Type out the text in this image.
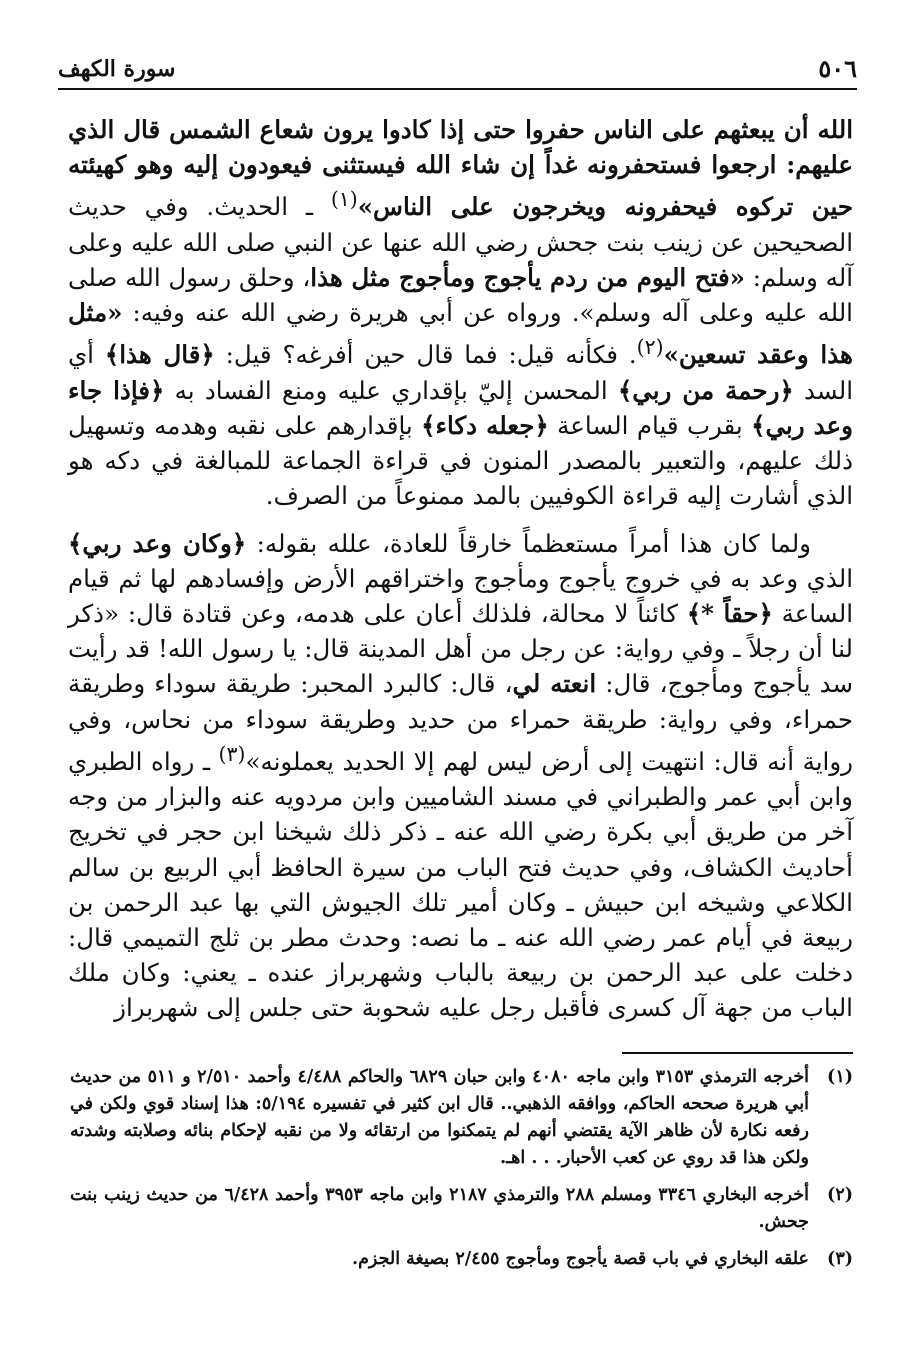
٥٠٦
سورة الكهف

الله أن يبعثهم على الناس حفروا حتى إذا كادوا يرون شعاع الشمس قال الذي عليهم: ارجعوا فستحفرونه غداً إن شاء الله فيستثنى فيعودون إليه وهو كهيئته حين تركوه فيحفرونه ويخرجون على الناس»$^{(١)}$ ـ الحديث. وفي حديث الصحيحين عن زينب بنت جحش رضي الله عنها عن النبي صلى الله عليه وعلى آله وسلم: «فتح اليوم من ردم يأجوج ومأجوج مثل هذا، وحلق رسول الله صلى الله عليه وعلى آله وسلم». ورواه عن أبي هريرة رضي الله عنه وفيه: «مثل هذا وعقد تسعين»$^{(٢)}$. فكأنه قيل: فما قال حين أفرغه؟ قيل: ﴿قال هذا﴾ أي السد ﴿رحمة من ربي﴾ المحسن إليّ بإقداري عليه ومنع الفساد به ﴿فإذا جاء وعد ربي﴾ بقرب قيام الساعة ﴿جعله دكاء﴾ بإقدارهم على نقبه وهدمه وتسهيل ذلك عليهم، والتعبير بالمصدر المنون في قراءة الجماعة للمبالغة في دكه هو الذي أشارت إليه قراءة الكوفيين بالمد ممنوعاً من الصرف.

ولما كان هذا أمراً مستعظماً خارقاً للعادة، علله بقوله: ﴿وكان وعد ربي﴾ الذي وعد به في خروج يأجوج ومأجوج واختراقهم الأرض وإفسادهم لها ثم قيام الساعة ﴿حقاً *﴾ كائناً لا محالة، فلذلك أعان على هدمه، وعن قتادة قال: «ذكر لنا أن رجلاً ـ وفي رواية: عن رجل من أهل المدينة قال: يا رسول الله! قد رأيت سد يأجوج ومأجوج، قال: انعته لي، قال: كالبرد المحبر: طريقة سوداء وطريقة حمراء، وفي رواية: طريقة حمراء من حديد وطريقة سوداء من نحاس، وفي رواية أنه قال: انتهيت إلى أرض ليس لهم إلا الحديد يعملونه»$^{(٣)}$ ـ رواه الطبري وابن أبي عمر والطبراني في مسند الشاميين وابن مردويه عنه والبزار من وجه آخر من طريق أبي بكرة رضي الله عنه ـ ذكر ذلك شيخنا ابن حجر في تخريج أحاديث الكشاف، وفي حديث فتح الباب من سيرة الحافظ أبي الربيع بن سالم الكلاعي وشيخه ابن حبيش ـ وكان أمير تلك الجيوش التي بها عبد الرحمن بن ربيعة في أيام عمر رضي الله عنه ـ ما نصه: وحدث مطر بن ثلج التميمي قال: دخلت على عبد الرحمن بن ربيعة بالباب وشهربراز عنده ـ يعني: وكان ملك الباب من جهة آل كسرى فأقبل رجل عليه شحوبة حتى جلس إلى شهربراز

(١)
أخرجه الترمذي ٣١٥٣ وابن ماجه ٤٠٨٠ وابن حبان ٦٨٢٩ والحاكم ٤/٤٨٨ وأحمد ٢/٥١٠ و ٥١١ من حديث أبي هريرة صححه الحاكم، ووافقه الذهبي.. قال ابن كثير في تفسيره ٥/١٩٤: هذا إسناد قوي ولكن في رفعه نكارة لأن ظاهر الآية يقتضي أنهم لم يتمكنوا من ارتقائه ولا من نقبه لإحكام بنائه وصلابته وشدته ولكن هذا قد روي عن كعب الأحبار. . . اهـ.
(٢)
أخرجه البخاري ٣٣٤٦ ومسلم ٢٨٨ والترمذي ٢١٨٧ وابن ماجه ٣٩٥٣ وأحمد ٦/٤٢٨ من حديث زينب بنت جحش.
(٣)
علقه البخاري في باب قصة يأجوج ومأجوج ٢/٤٥٥ بصيغة الجزم.
